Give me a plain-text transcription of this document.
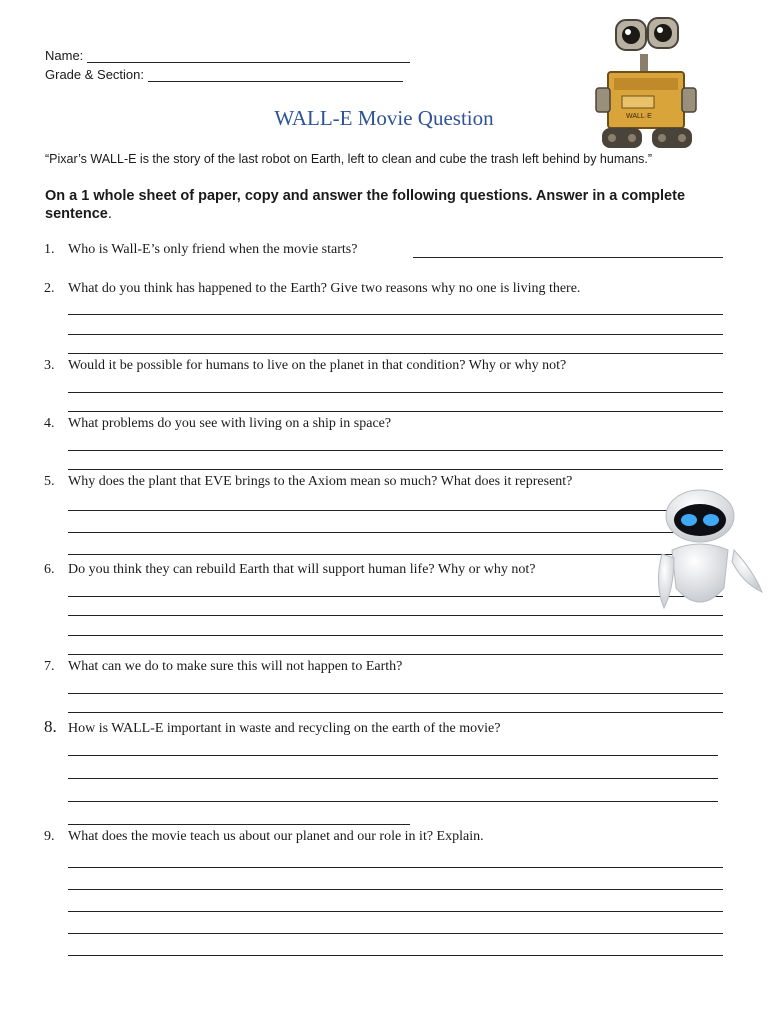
Name:
Grade & Section:
WALL·E
WALL-E Movie Question
“Pixar’s WALL-E is the story of the last robot on Earth, left to clean and cube the trash left behind by humans.”
On a 1 whole sheet of paper, copy and answer the following questions. Answer in a complete sentence.
1. Who is Wall-E’s only friend when the movie starts?
2. What do you think has happened to the Earth? Give two reasons why no one is living there.
3. Would it be possible for humans to live on the planet in that condition? Why or why not?
4. What problems do you see with living on a ship in space?
5. Why does the plant that EVE brings to the Axiom mean so much? What does it represent?
6. Do you think they can rebuild Earth that will support human life? Why or why not?
7. What can we do to make sure this will not happen to Earth?
8. How is WALL-E important in waste and recycling on the earth of the movie?
9. What does the movie teach us about our planet and our role in it? Explain.
